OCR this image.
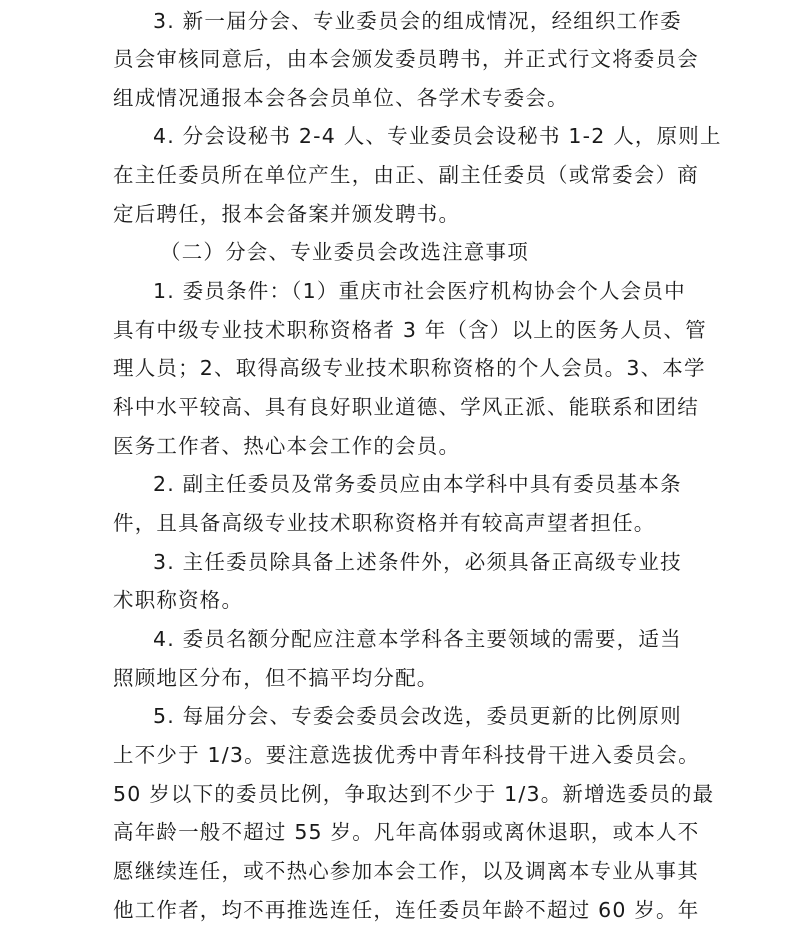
3. 新一届分会、专业委员会的组成情况，经组织工作委
员会审核同意后，由本会颁发委员聘书，并正式行文将委员会
组成情况通报本会各会员单位、各学术专委会。
4. 分会设秘书 2-4 人、专业委员会设秘书 1-2 人，原则上
在主任委员所在单位产生，由正、副主任委员（或常委会）商
定后聘任，报本会备案并颁发聘书。
（二）分会、专业委员会改选注意事项
1. 委员条件：（1）重庆市社会医疗机构协会个人会员中
具有中级专业技术职称资格者 3 年（含）以上的医务人员、管
理人员；2、取得高级专业技术职称资格的个人会员。3、本学
科中水平较高、具有良好职业道德、学风正派、能联系和团结
医务工作者、热心本会工作的会员。
2. 副主任委员及常务委员应由本学科中具有委员基本条
件，且具备高级专业技术职称资格并有较高声望者担任。
3. 主任委员除具备上述条件外，必须具备正高级专业技
术职称资格。
4. 委员名额分配应注意本学科各主要领域的需要，适当
照顾地区分布，但不搞平均分配。
5. 每届分会、专委会委员会改选，委员更新的比例原则
上不少于 1/3。要注意选拔优秀中青年科技骨干进入委员会。
50 岁以下的委员比例，争取达到不少于 1/3。新增选委员的最
高年龄一般不超过 55 岁。凡年高体弱或离休退职，或本人不
愿继续连任，或不热心参加本会工作，以及调离本专业从事其
他工作者，均不再推选连任，连任委员年龄不超过 60 岁。年
